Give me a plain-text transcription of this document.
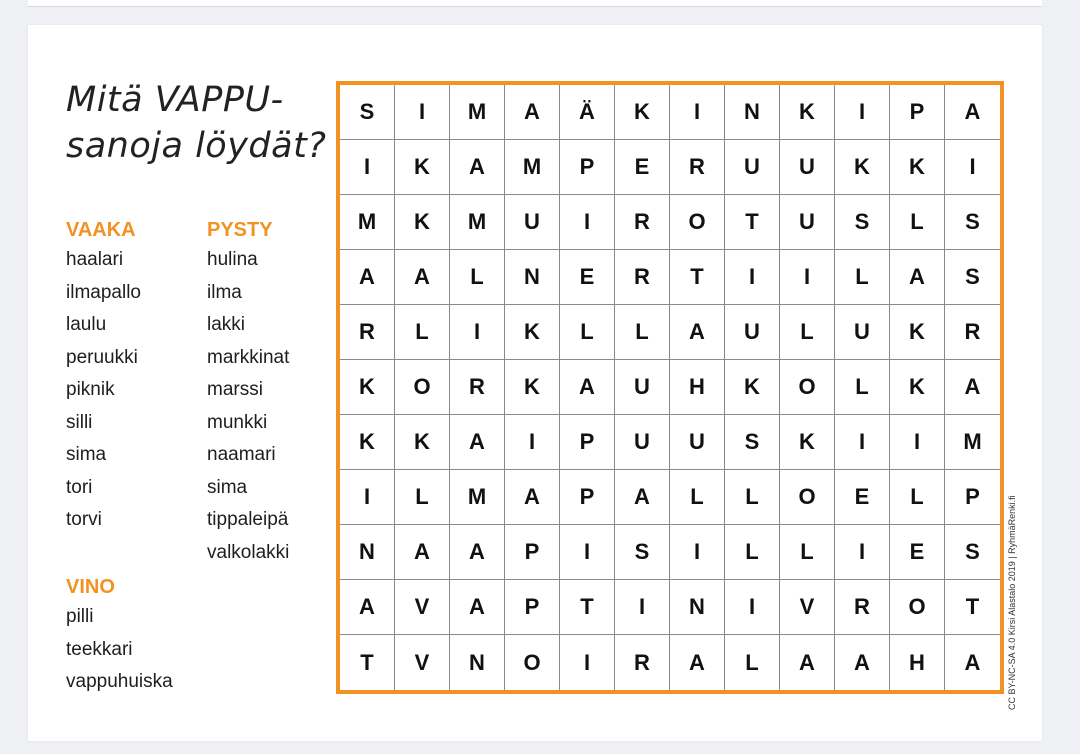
Mitä VAPPU-sanoja löydät?
VAAKA
haalari
ilmapallo
laulu
peruukki
piknik
silli
sima
tori
torvi
PYSTY
hulina
ilma
lakki
markkinat
marssi
munkki
naamari
sima
tippaleipä
valkolakki
VINO
pilli
teekkari
vappuhuiska
S	I	M	A	Ä	K	I	N	K	I	P	A
I	K	A	M	P	E	R	U	U	K	K	I
M	K	M	U	I	R	O	T	U	S	L	S
A	A	L	N	E	R	T	I	I	L	A	S
R	L	I	K	L	L	A	U	L	U	K	R
K	O	R	K	A	U	H	K	O	L	K	A
K	K	A	I	P	U	U	S	K	I	I	M
I	L	M	A	P	A	L	L	O	E	L	P
N	A	A	P	I	S	I	L	L	I	E	S
A	V	A	P	T	I	N	I	V	R	O	T
T	V	N	O	I	R	A	L	A	A	H	A	CC BY-NC-SA 4.0 Kirsi Alastalo 2019 | RyhmäRenki.fi
